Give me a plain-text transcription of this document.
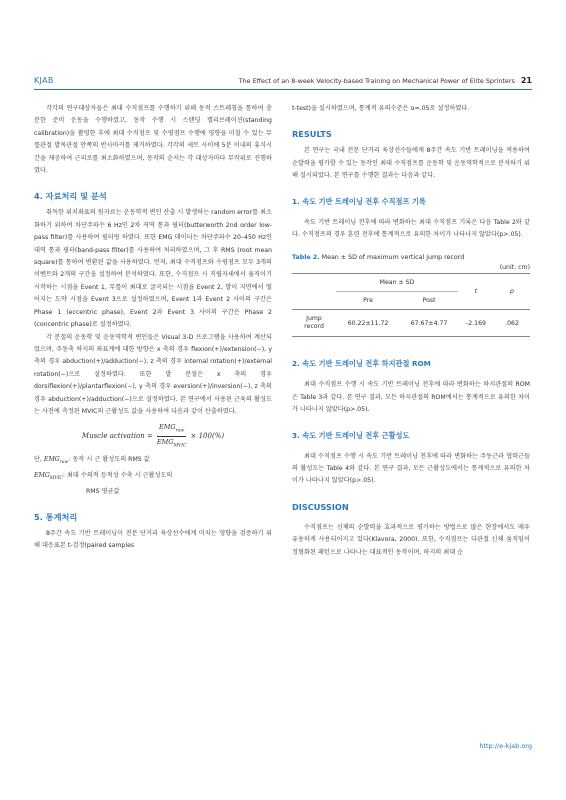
KJAB	The Effect of an 8-week Velocity-based Training on Mechanical Power of Elite Sprinters 21

각각의 연구대상자들은 최대 수직점프를 수행하기 위해 동적 스트레칭을 통하여 충분한 준비 운동을 수행하였고, 동작 수행 시 스탠딩 캘리브레이션(standing calibration)을 촬영한 후에 최대 수직점프 및 수평점프 수행에 영향을 미칠 수 있는 무릎관절 발목관절 안쪽의 반사마커를 제거하였다. 각각의 세트 사이에 5분 이내의 휴식시간을 제공하여 근피로를 최소화하였으며, 동작의 순서는 각 대상자마다 무작위로 진행하였다.

4. 자료처리 및 분석

취득한 위치좌표의 원자료는 운동학적 변인 산출 시 발생하는 random error를 최소화하기 위하여 차단주파수 6 Hz인 2차 저역 통과 필터(butterworth 2nd order low-pass filter)를 사용하여 필터링 하였다. 또한 EMG 데이터는 차단주파수 20–450 Hz인 대역 통과 필터(band-pass filter)를 사용하여 처리하였으며, 그 후 RMS (root mean square)를 통하여 변환된 값을 사용하였다. 먼저, 최대 수직점프와 수평점프 모두 3개의 이벤트와 2개의 구간을 설정하여 분석하였다. 또한, 수직점프 시 직립자세에서 움직이기 시작하는 시점을 Event 1, 무릎이 최대로 굴곡되는 시점을 Event 2, 발이 지면에서 떨어지는 도약 시점을 Event 3으로 설정하였으며, Event 1과 Event 2 사이의 구간은 Phase 1 (eccentric phase), Event 2과 Event 3 사이의 구간은 Phase 2 (concentric phase)로 설정하였다.

각 분절의 운동학 및 운동역학적 변인들은 Visual 3-D 프로그램을 사용하여 계산되었으며, 주동축 하지의 좌표계에 대한 방향은 x 축의 경우 flexion(+)/extension(−), y 축의 경우 abduction(+)/adduction(−), z 축의 경우 internal rotation(+)/external rotation(−)으로 설정하였다. 또한 발 분절은 x 축의 경우 dorsiflexion(+)/plantarflexion(−), y 축의 경우 eversion(+)/inversion(−), z 축의 경우 abduction(+)/adduction(−)으로 설정하였다. 본 연구에서 사용된 근육의 활성도는 사전에 측정된 MVIC의 근활성도 값을 사용하여 다음과 같이 산출하였다.

Muscle activation = $\frac{EMG_{raw}}{EMG_{MVIC}} \times 100(\%)$
단, $EMG_{raw}$: 동작 시 근 활성도의 RMS 값
$EMG_{MVIC}$: 최대 수의적 등척성 수축 시 근활성도의
RMS 평균값
5. 통계처리

8주간 속도 기반 트레이닝이 전문 단거리 육상선수에게 미치는 영향을 검증하기 위해 대응표본 t-검정(paired samples

t-test)을 실시하였으며, 통계적 유의수준은 α=.05로 설정하였다.

RESULTS

본 연구는 국내 전문 단거리 육상선수들에게 8주간 속도 기반 트레이닝을 적용하여 순발력을 평가할 수 있는 동작인 최대 수직점프를 운동학 및 운동역학적으로 분석하기 위해 실시되었다. 본 연구를 수행한 결과는 다음과 같다.

1. 속도 기반 트레이닝 전후 수직점프 기록

속도 기반 트레이닝 전후에 따라 변화하는 최대 수직점프 기록은 다음 Table 2와 같다. 수직점프의 경우 훈련 전후에 통계적으로 유의한 차이가 나타나지 않았다(p>.05).

Table 2. Mean ± SD of maximum vertical jump record
(unit: cm)
	Mean ± SD		t	p
	Pre	Post		
Jump
record	60.22±11.72	67.67±4.77	-2.169	.062
2. 속도 기반 트레이닝 전후 하지관절 ROM

최대 수직점프 수행 시 속도 기반 트레이닝 전후에 따라 변화하는 하지관절의 ROM은 Table 3과 같다. 본 연구 결과, 모든 하지관절의 ROM에서는 통계적으로 유의한 차이가 나타나지 않았다(p>.05).

3. 속도 기반 트레이닝 전후 근활성도

최대 수직점프 수행 시 속도 기반 트레이닝 전후에 따라 변화하는 주동근과 협력근들의 활성도는 Table 4와 같다. 본 연구 결과, 모든 근활성도에서는 통계적으로 유의한 차이가 나타나지 않았다(p>.05).

DISCUSSION

수직점프는 신체의 순발력을 효과적으로 평가하는 방법으로 많은 현장에서도 매우 유용하게 사용되어지고 있다(Klavora, 2000). 또한, 수직점프는 다관절 신체 움직임이 정형화된 패턴으로 나타나는 대표적인 동작이며, 하지의 최대 순

http://e-kjab.org
